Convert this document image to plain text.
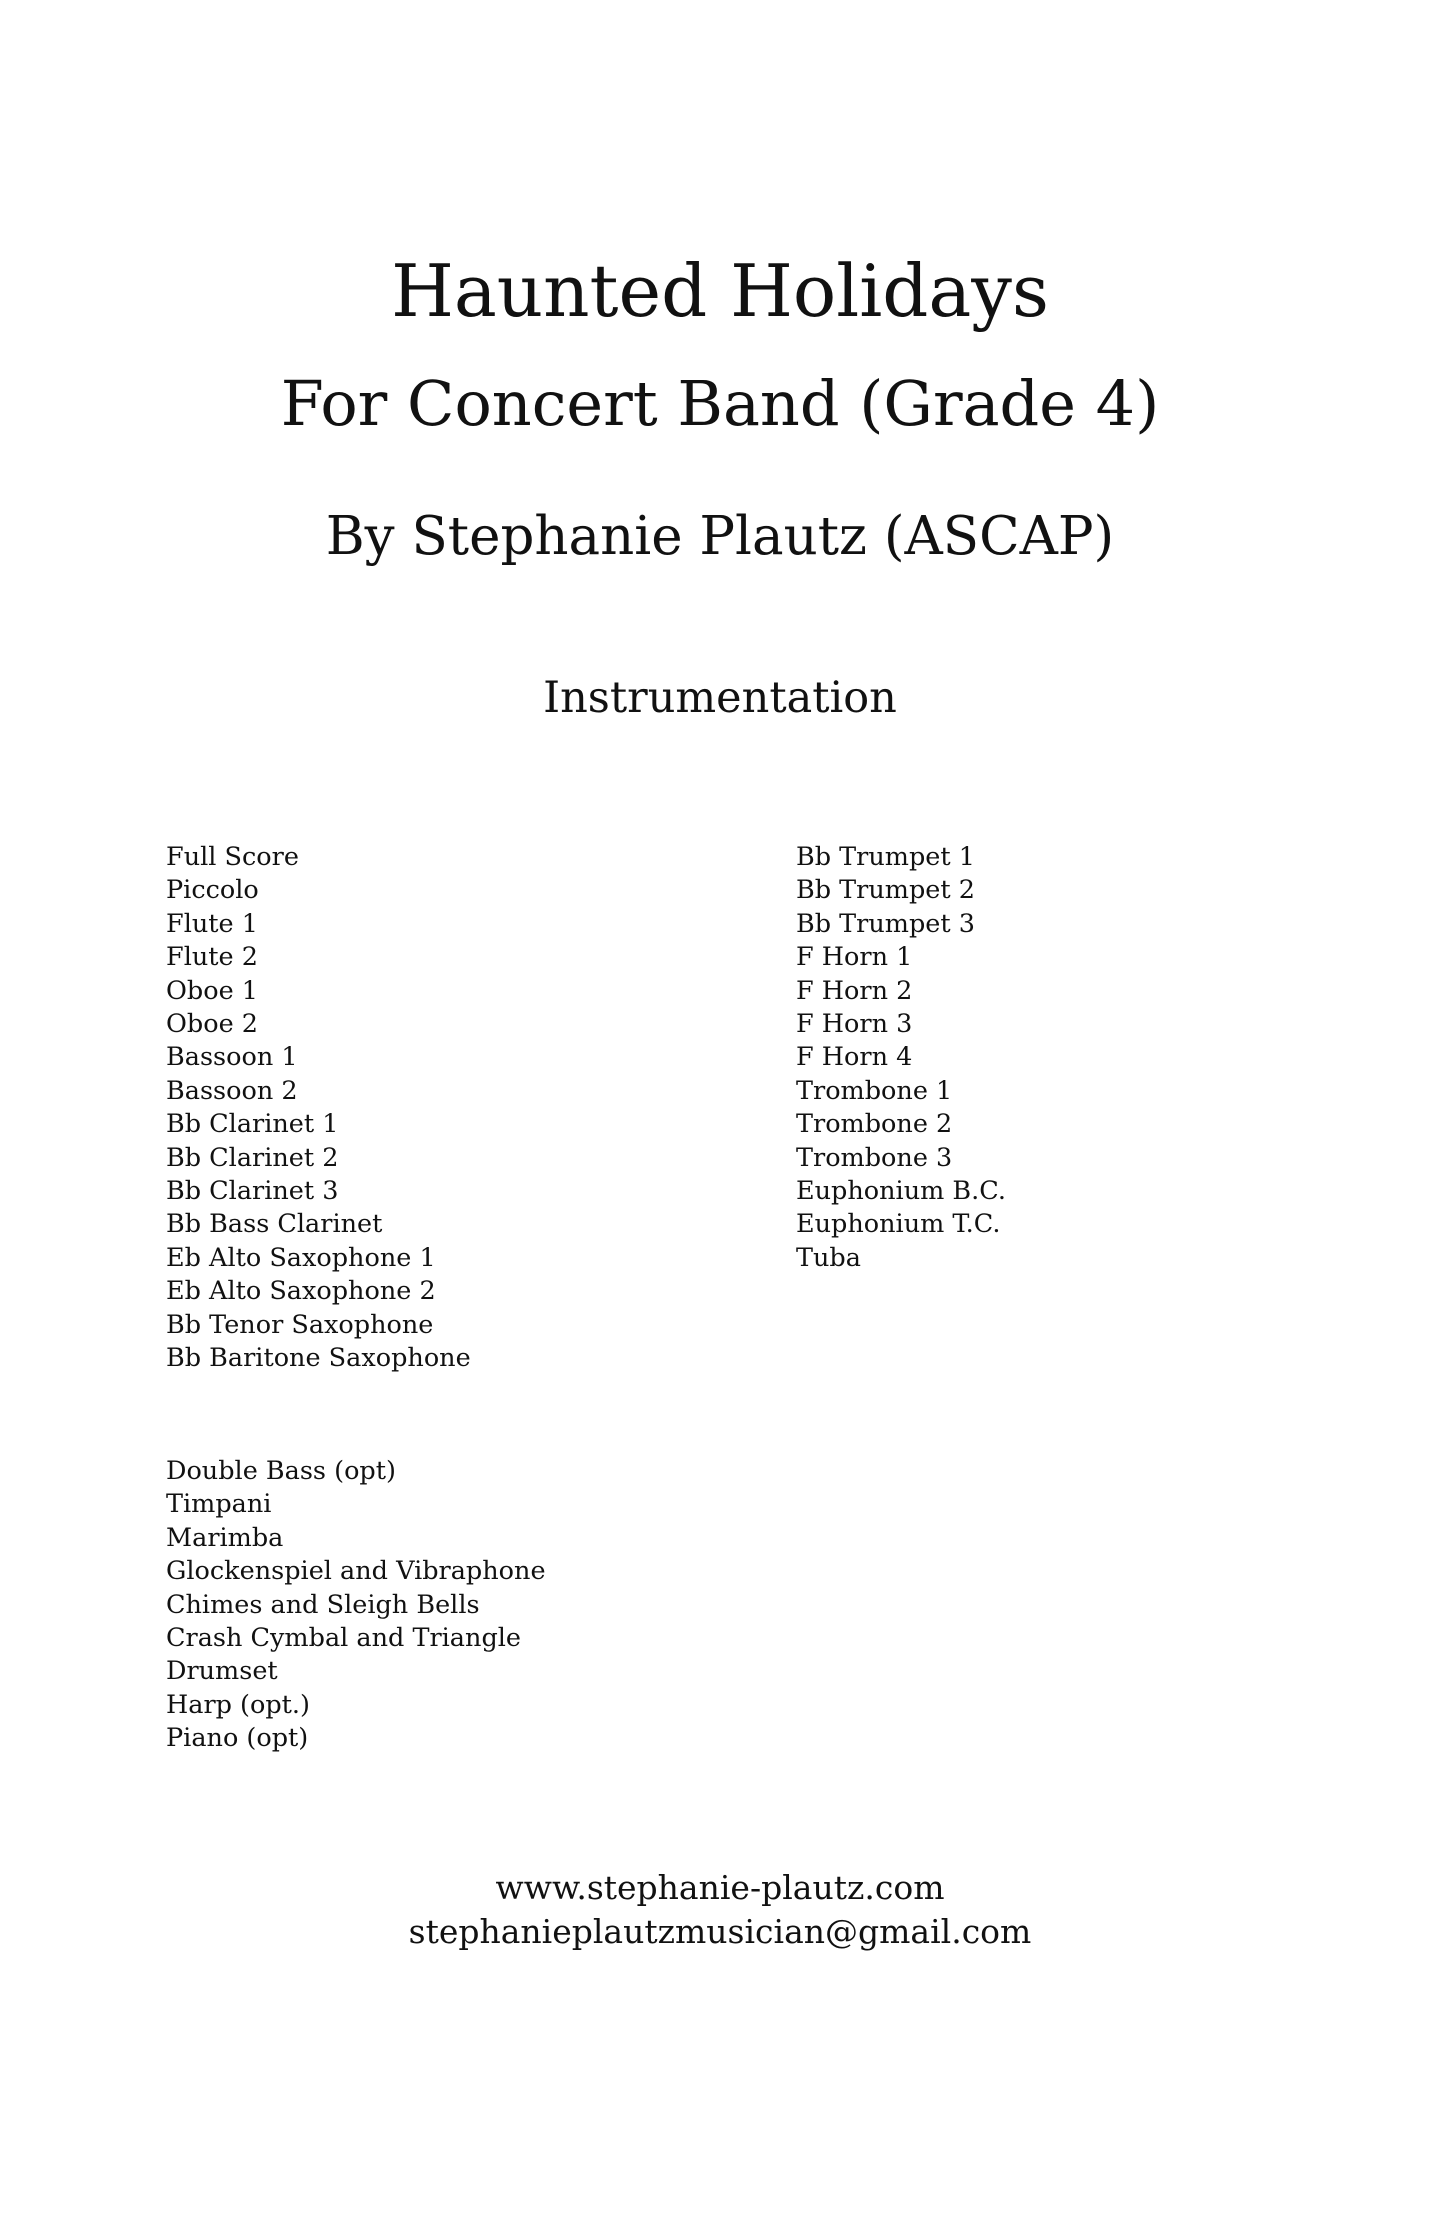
Haunted Holidays
For Concert Band (Grade 4)
By Stephanie Plautz (ASCAP)
Instrumentation
Full Score
Piccolo
Flute 1
Flute 2
Oboe 1
Oboe 2
Bassoon 1
Bassoon 2
Bb Clarinet 1
Bb Clarinet 2
Bb Clarinet 3
Bb Bass Clarinet
Eb Alto Saxophone 1
Eb Alto Saxophone 2
Bb Tenor Saxophone
Bb Baritone Saxophone
Bb Trumpet 1
Bb Trumpet 2
Bb Trumpet 3
F Horn 1
F Horn 2
F Horn 3
F Horn 4
Trombone 1
Trombone 2
Trombone 3
Euphonium B.C.
Euphonium T.C.
Tuba
Double Bass (opt)
Timpani
Marimba
Glockenspiel and Vibraphone
Chimes and Sleigh Bells
Crash Cymbal and Triangle
Drumset
Harp (opt.)
Piano (opt)
www.stephanie-plautz.com
stephanieplautzmusician@gmail.com
